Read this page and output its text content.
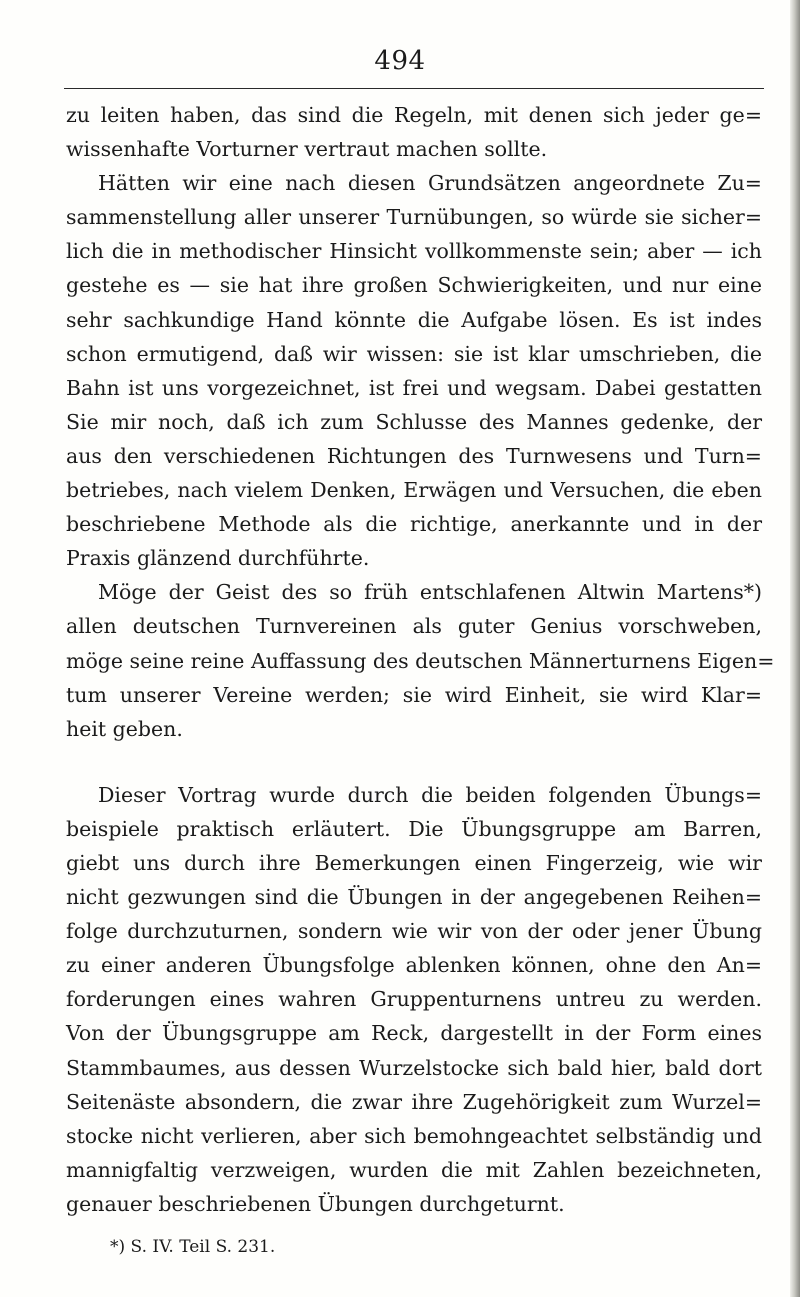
494
zu leiten haben, das sind die Regeln, mit denen sich jeder ge=
wissenhafte Vorturner vertraut machen sollte.
Hätten wir eine nach diesen Grundsätzen angeordnete Zu=
sammenstellung aller unserer Turnübungen, so würde sie sicher=
lich die in methodischer Hinsicht vollkommenste sein; aber — ich
gestehe es — sie hat ihre großen Schwierigkeiten, und nur eine
sehr sachkundige Hand könnte die Aufgabe lösen. Es ist indes
schon ermutigend, daß wir wissen: sie ist klar umschrieben, die
Bahn ist uns vorgezeichnet, ist frei und wegsam. Dabei gestatten
Sie mir noch, daß ich zum Schlusse des Mannes gedenke, der
aus den verschiedenen Richtungen des Turnwesens und Turn=
betriebes, nach vielem Denken, Erwägen und Versuchen, die eben
beschriebene Methode als die richtige, anerkannte und in der
Praxis glänzend durchführte.
Möge der Geist des so früh entschlafenen Altwin Martens*)
allen deutschen Turnvereinen als guter Genius vorschweben,
möge seine reine Auffassung des deutschen Männerturnens Eigen=
tum unserer Vereine werden; sie wird Einheit, sie wird Klar=
heit geben.
Dieser Vortrag wurde durch die beiden folgenden Übungs=
beispiele praktisch erläutert. Die Übungsgruppe am Barren,
giebt uns durch ihre Bemerkungen einen Fingerzeig, wie wir
nicht gezwungen sind die Übungen in der angegebenen Reihen=
folge durchzuturnen, sondern wie wir von der oder jener Übung
zu einer anderen Übungsfolge ablenken können, ohne den An=
forderungen eines wahren Gruppenturnens untreu zu werden.
Von der Übungsgruppe am Reck, dargestellt in der Form eines
Stammbaumes, aus dessen Wurzelstocke sich bald hier, bald dort
Seitenäste absondern, die zwar ihre Zugehörigkeit zum Wurzel=
stocke nicht verlieren, aber sich bemohngeachtet selbständig und
mannigfaltig verzweigen, wurden die mit Zahlen bezeichneten,
genauer beschriebenen Übungen durchgeturnt.
*) S. IV. Teil S. 231.
